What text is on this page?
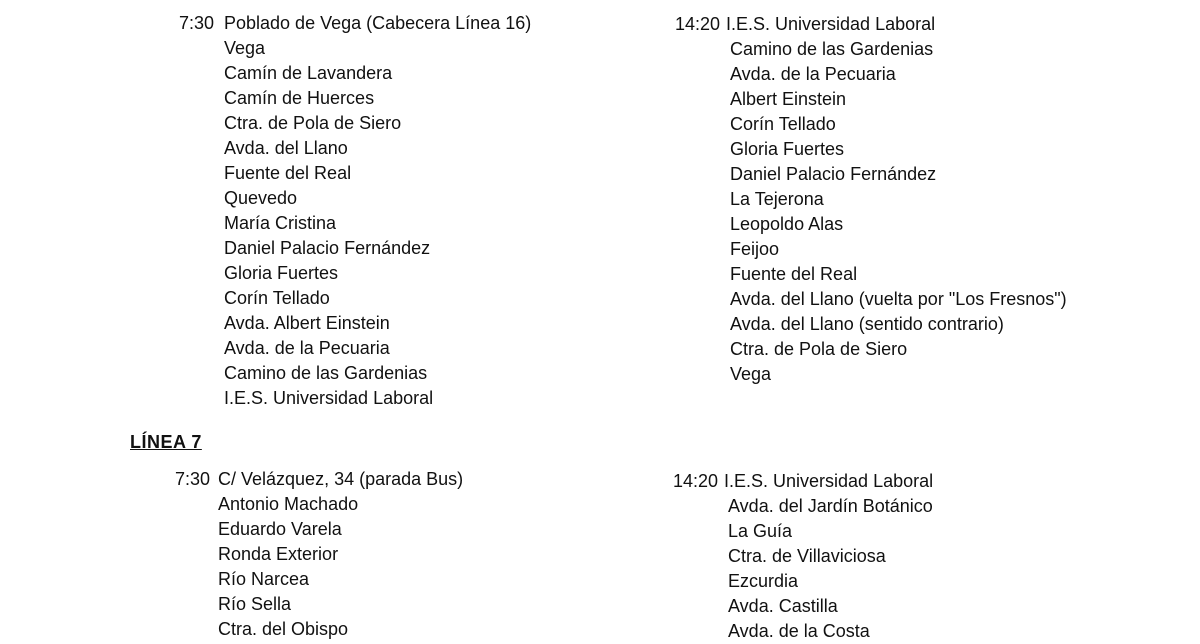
7:30 Poblado de Vega (Cabecera Línea 16)
Vega
Camín de Lavandera
Camín de Huerces
Ctra. de Pola de Siero
Avda. del Llano
Fuente del Real
Quevedo
María Cristina
Daniel Palacio Fernández
Gloria Fuertes
Corín Tellado
Avda. Albert Einstein
Avda. de la Pecuaria
Camino de las Gardenias
I.E.S. Universidad Laboral
14:20 I.E.S. Universidad Laboral
Camino de las Gardenias
Avda. de la Pecuaria
Albert Einstein
Corín Tellado
Gloria Fuertes
Daniel Palacio Fernández
La Tejerona
Leopoldo Alas
Feijoo
Fuente del Real
Avda. del Llano (vuelta por "Los Fresnos")
Avda. del Llano (sentido contrario)
Ctra. de Pola de Siero
Vega
LÍNEA 7
7:30 C/ Velázquez, 34 (parada Bus)
Antonio Machado
Eduardo Varela
Ronda Exterior
Río Narcea
Río Sella
Ctra. del Obispo
14:20 I.E.S. Universidad Laboral
Avda. del Jardín Botánico
La Guía
Ctra. de Villaviciosa
Ezcurdia
Avda. Castilla
Avda. de la Costa
